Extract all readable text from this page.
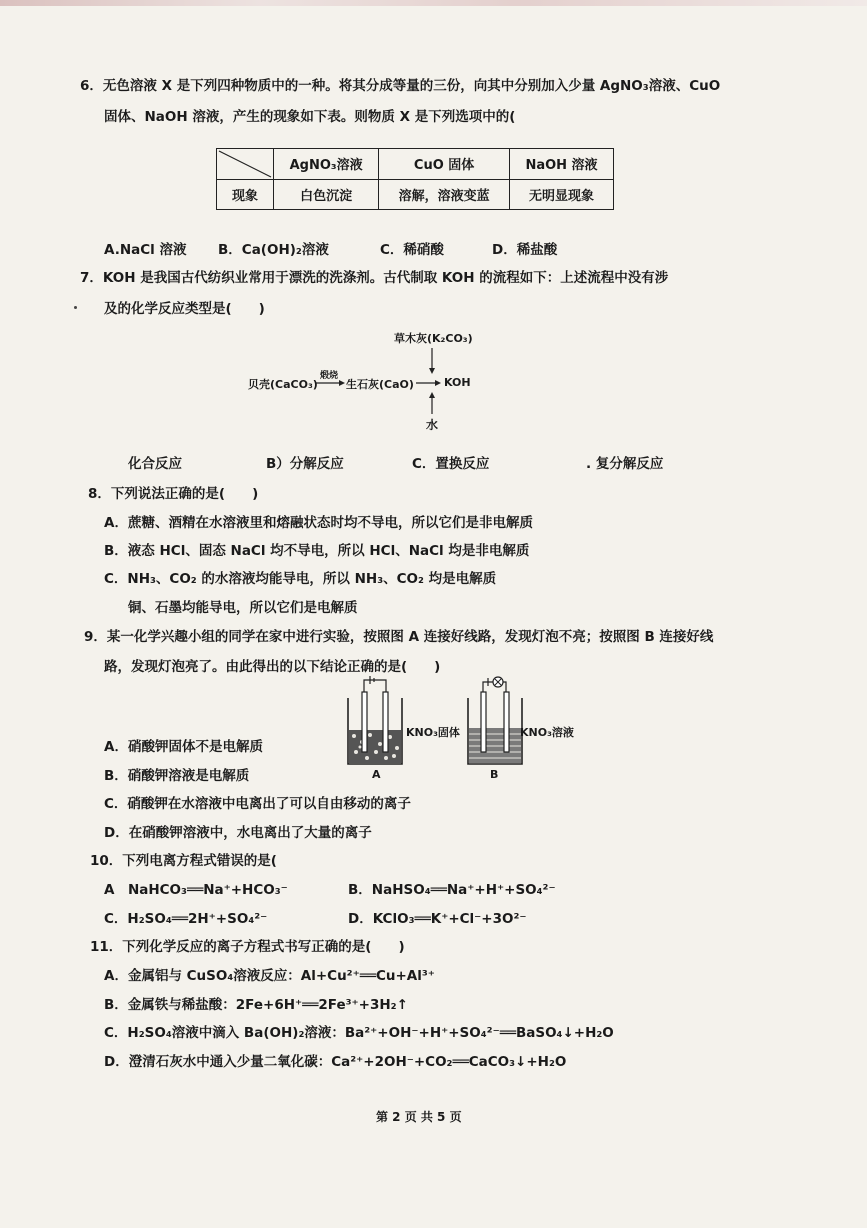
6．无色溶液 X 是下列四种物质中的一种。将其分成等量的三份，向其中分别加入少量 AgNO₃溶液、CuO
固体、NaOH 溶液，产生的现象如下表。则物质 X 是下列选项中的(
	AgNO₃溶液	CuO 固体	NaOH 溶液
现象	白色沉淀	溶解，溶液变蓝	无明显现象
A.NaCl 溶液 B．Ca(OH)₂溶液	C．稀硝酸	D．稀盐酸
7．KOH 是我国古代纺织业常用于漂洗的洗涤剂。古代制取 KOH 的流程如下：上述流程中没有涉
及的化学反应类型是(　　)
草木灰(K₂CO₃)
贝壳(CaCO₃)
煅烧
生石灰(CaO)	KOH
水
化合反应	B）分解反应	C．置换反应	. 复分解反应
8．下列说法正确的是(　　)
A．蔗糖、酒精在水溶液里和熔融状态时均不导电，所以它们是非电解质
B．液态 HCl、固态 NaCl 均不导电，所以 HCl、NaCl 均是非电解质
C．NH₃、CO₂ 的水溶液均能导电，所以 NH₃、CO₂ 均是电解质
铜、石墨均能导电，所以它们是电解质
9．某一化学兴趣小组的同学在家中进行实验，按照图 A 连接好线路，发现灯泡不亮；按照图 B 连接好线
路，发现灯泡亮了。由此得出的以下结论正确的是(　　)
KNO₃固体	KNO₃溶液
A	B
A．硝酸钾固体不是电解质
B．硝酸钾溶液是电解质
C．硝酸钾在水溶液中电离出了可以自由移动的离子
D．在硝酸钾溶液中，水电离出了大量的离子
10．下列电离方程式错误的是(
A　NaHCO₃══Na⁺+HCO₃⁻	B．NaHSO₄══Na⁺+H⁺+SO₄²⁻
C．H₂SO₄══2H⁺+SO₄²⁻	D．KClO₃══K⁺+Cl⁻+3O²⁻
11．下列化学反应的离子方程式书写正确的是(　　)
A．金属铝与 CuSO₄溶液反应：Al+Cu²⁺══Cu+Al³⁺
B．金属铁与稀盐酸：2Fe+6H⁺══2Fe³⁺+3H₂↑
C．H₂SO₄溶液中滴入 Ba(OH)₂溶液：Ba²⁺+OH⁻+H⁺+SO₄²⁻══BaSO₄↓+H₂O
D．澄清石灰水中通入少量二氧化碳：Ca²⁺+2OH⁻+CO₂══CaCO₃↓+H₂O
第 2 页 共 5 页
